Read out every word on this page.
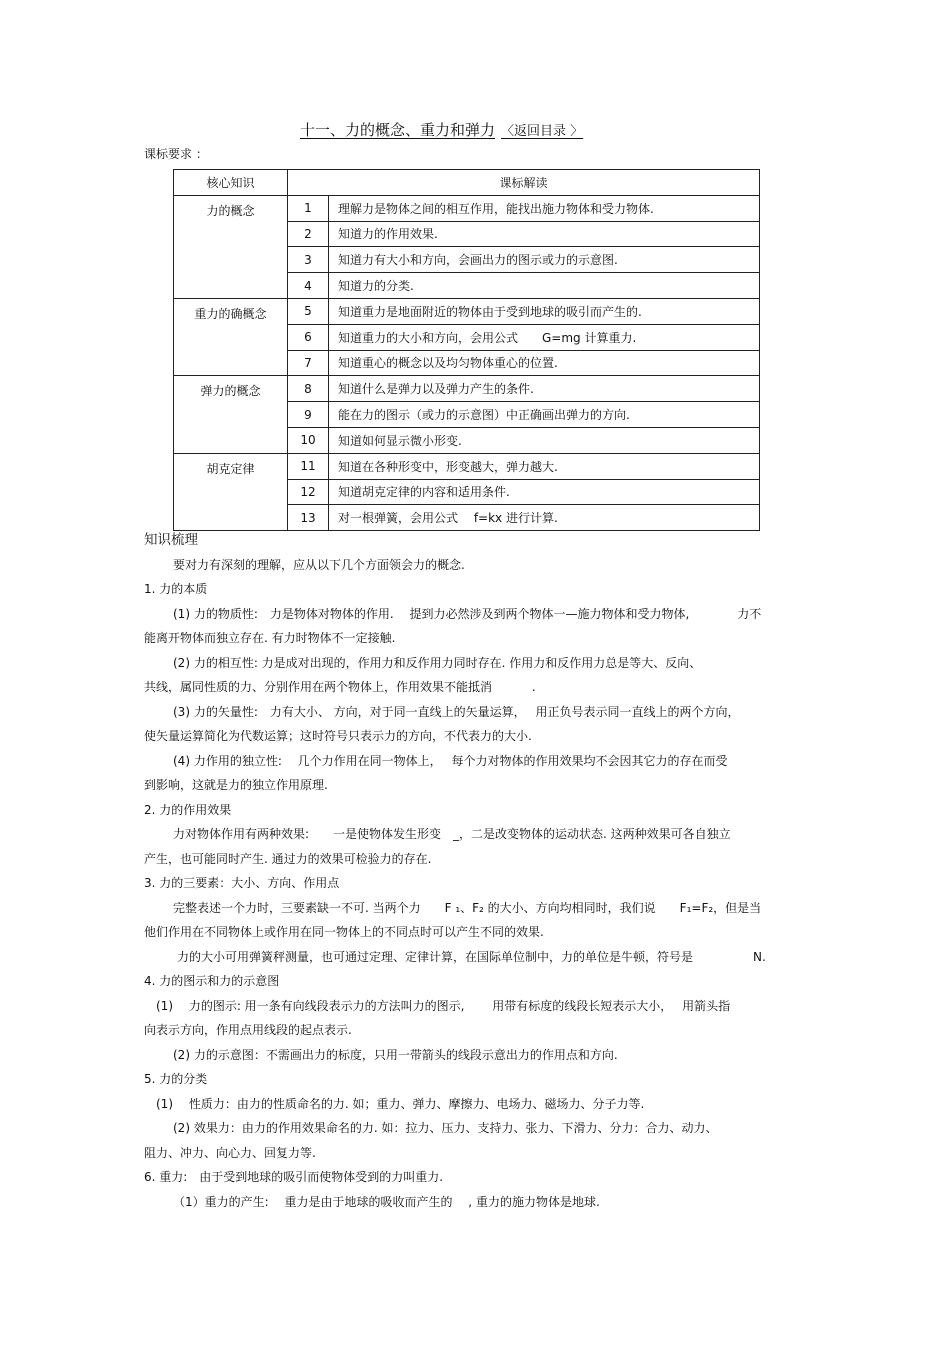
十一、力的概念、重力和弹力 〈返回目录 〉
课标要求 ：
核心知识	课标解读	
力的概念	1	理解力是物体之间的相互作用，能找出施力物体和受力物体.
	2	知道力的作用效果.
	3	知道力有大小和方向，会画出力的图示或力的示意图.
	4	知道力的分类.
重力的确概念	5	知道重力是地面附近的物体由于受到地球的吸引而产生的.
	6	知道重力的大小和方向，会用公式　　G=mg 计算重力.
	7	知道重心的概念以及均匀物体重心的位置.
弹力的概念	8	知道什么是弹力以及弹力产生的条件.
	9	能在力的图示（或力的示意图）中正确画出弹力的方向.
	10	知道如何显示微小形变.
胡克定律	11	知道在各种形变中，形变越大，弹力越大.
	12	知道胡克定律的内容和适用条件.
	13	对一根弹簧，会用公式　 f=kx 进行计算.

知识梳理

要对力有深刻的理解，应从以下几个方面领会力的概念.

1. 力的本质

(1) 力的物质性:　力是物体对物体的作用.　 提到力必然涉及到两个物体一—施力物体和受力物体,　　　　力不

能离开物体而独立存在. 有力时物体不一定接触.

(2) 力的相互性: 力是成对出现的，作用力和反作用力同时存在. 作用力和反作用力总是等大、反向、

共线，属同性质的力、分别作用在两个物体上，作用效果不能抵消　　　 .

(3) 力的矢量性:　力有大小、 方向，对于同一直线上的矢量运算，　 用正负号表示同一直线上的两个方向，

使矢量运算简化为代数运算；这时符号只表示力的方向，不代表力的大小.

(4) 力作用的独立性:　 几个力作用在同一物体上，　 每个力对物体的作用效果均不会因其它力的存在而受

到影响，这就是力的独立作用原理.

2. 力的作用效果

力对物体作用有两种效果:　　一是使物体发生形变　_，二是改变物体的运动状态. 这两种效果可各自独立

产生，也可能同时产生. 通过力的效果可检验力的存在.

3. 力的三要素：大小、方向、作用点

完整表述一个力时，三要素缺一不可. 当两个力　　F ₁、F₂ 的大小、方向均相同时，我们说　　F₁=F₂，但是当

他们作用在不同物体上或作用在同一物体上的不同点时可以产生不同的效果.

力的大小可用弹簧秤测量，也可通过定理、定律计算，在国际单位制中，力的单位是牛顿，符号是　　　　　N.

4. 力的图示和力的示意图

(1)　 力的图示: 用一条有向线段表示力的方法叫力的图示,　　 用带有标度的线段长短表示大小，　 用箭头指

向表示方向，作用点用线段的起点表示.

(2) 力的示意图：不需画出力的标度，只用一带箭头的线段示意出力的作用点和方向.

5. 力的分类

(1)　 性质力：由力的性质命名的力. 如；重力、弹力、摩擦力、电场力、磁场力、分子力等.

(2) 效果力：由力的作用效果命名的力. 如：拉力、压力、支持力、张力、下滑力、分力：合力、动力、

阻力、冲力、向心力、回复力等.

6. 重力:　由于受到地球的吸引而使物体受到的力叫重力.

（1）重力的产生:　 重力是由于地球的吸收而产生的　 , 重力的施力物体是地球.
